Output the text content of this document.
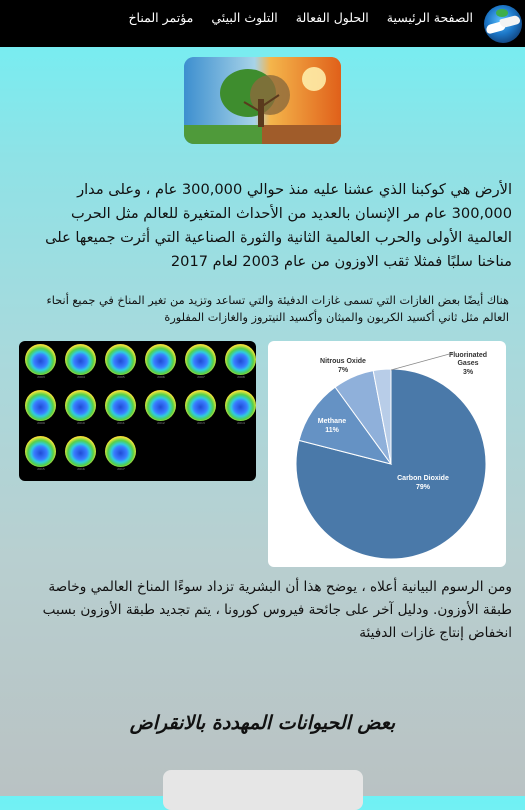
الصفحة الرئيسية
الحلول الفعالة
التلوث البيئي
مؤتمر المناخ

الأرض هي كوكبنا الذي عشنا عليه منذ حوالي 300,000 عام ، وعلى مدار 300,000 عام مر الإنسان بالعديد من الأحداث المتغيرة للعالم مثل الحرب العالمية الأولى والحرب العالمية الثانية والثورة الصناعية التي أثرت جميعها على مناخنا سلبًا فمثلا ثقب الاوزون من عام 2003 لعام 2017

هناك أيضًا بعض الغازات التي تسمى غازات الدفيئة والتي تساعد وتزيد من تغير المناخ في جميع أنحاء العالم مثل ثاني أكسيد الكربون والميثان وأكسيد النيتروز والغازات المفلورة

2003	2004	2005	2006	2007	2008
2009	2010	2011	2012	2013	2014
2015	2016	2017
Carbon Dioxide
79%
Methane
11%
Nitrous Oxide
7%
Fluorinated
Gases
3%

ومن الرسوم البيانية أعلاه ، يوضح هذا أن البشرية تزداد سوءًا المناخ العالمي وخاصة طبقة الأوزون. ودليل آخر على جائحة فيروس كورونا ، يتم تجديد طبقة الأوزون بسبب انخفاض إنتاج غازات الدفيئة

بعض الحيوانات المهددة بالانقراض
